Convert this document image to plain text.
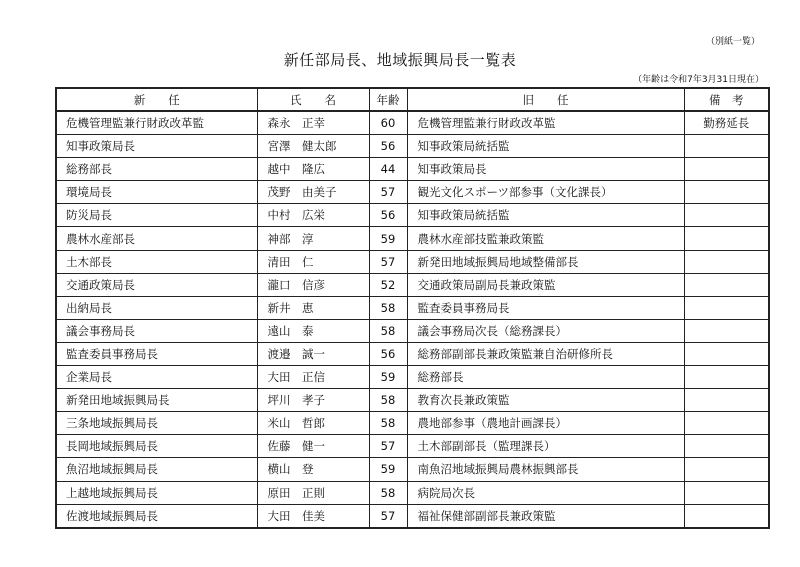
（別紙一覧）
新任部局長、地域振興局長一覧表
（年齢は令和7年3月31日現在）
新　　任	氏　　名	年齢	旧　　任	備　考
危機管理監兼行財政改革監	森永　正幸	60	危機管理監兼行財政改革監	勤務延長
知事政策局長	宮澤　健太郎	56	知事政策局統括監	
総務部長	越中　隆広	44	知事政策局長	
環境局長	茂野　由美子	57	観光文化スポーツ部参事（文化課長）	
防災局長	中村　広栄	56	知事政策局統括監	
農林水産部長	神部　淳	59	農林水産部技監兼政策監	
土木部長	清田　仁	57	新発田地域振興局地域整備部長	
交通政策局長	瀧口　信彦	52	交通政策局副局長兼政策監	
出納局長	新井　恵	58	監査委員事務局長	
議会事務局長	遠山　泰	58	議会事務局次長（総務課長）	
監査委員事務局長	渡邉　誠一	56	総務部副部長兼政策監兼自治研修所長	
企業局長	大田　正信	59	総務部長	
新発田地域振興局長	坪川　孝子	58	教育次長兼政策監	
三条地域振興局長	米山　哲郎	58	農地部参事（農地計画課長）	
長岡地域振興局長	佐藤　健一	57	土木部副部長（監理課長）	
魚沼地域振興局長	横山　登	59	南魚沼地域振興局農林振興部長	
上越地域振興局長	原田　正則	58	病院局次長	
佐渡地域振興局長	大田　佳美	57	福祉保健部副部長兼政策監	
